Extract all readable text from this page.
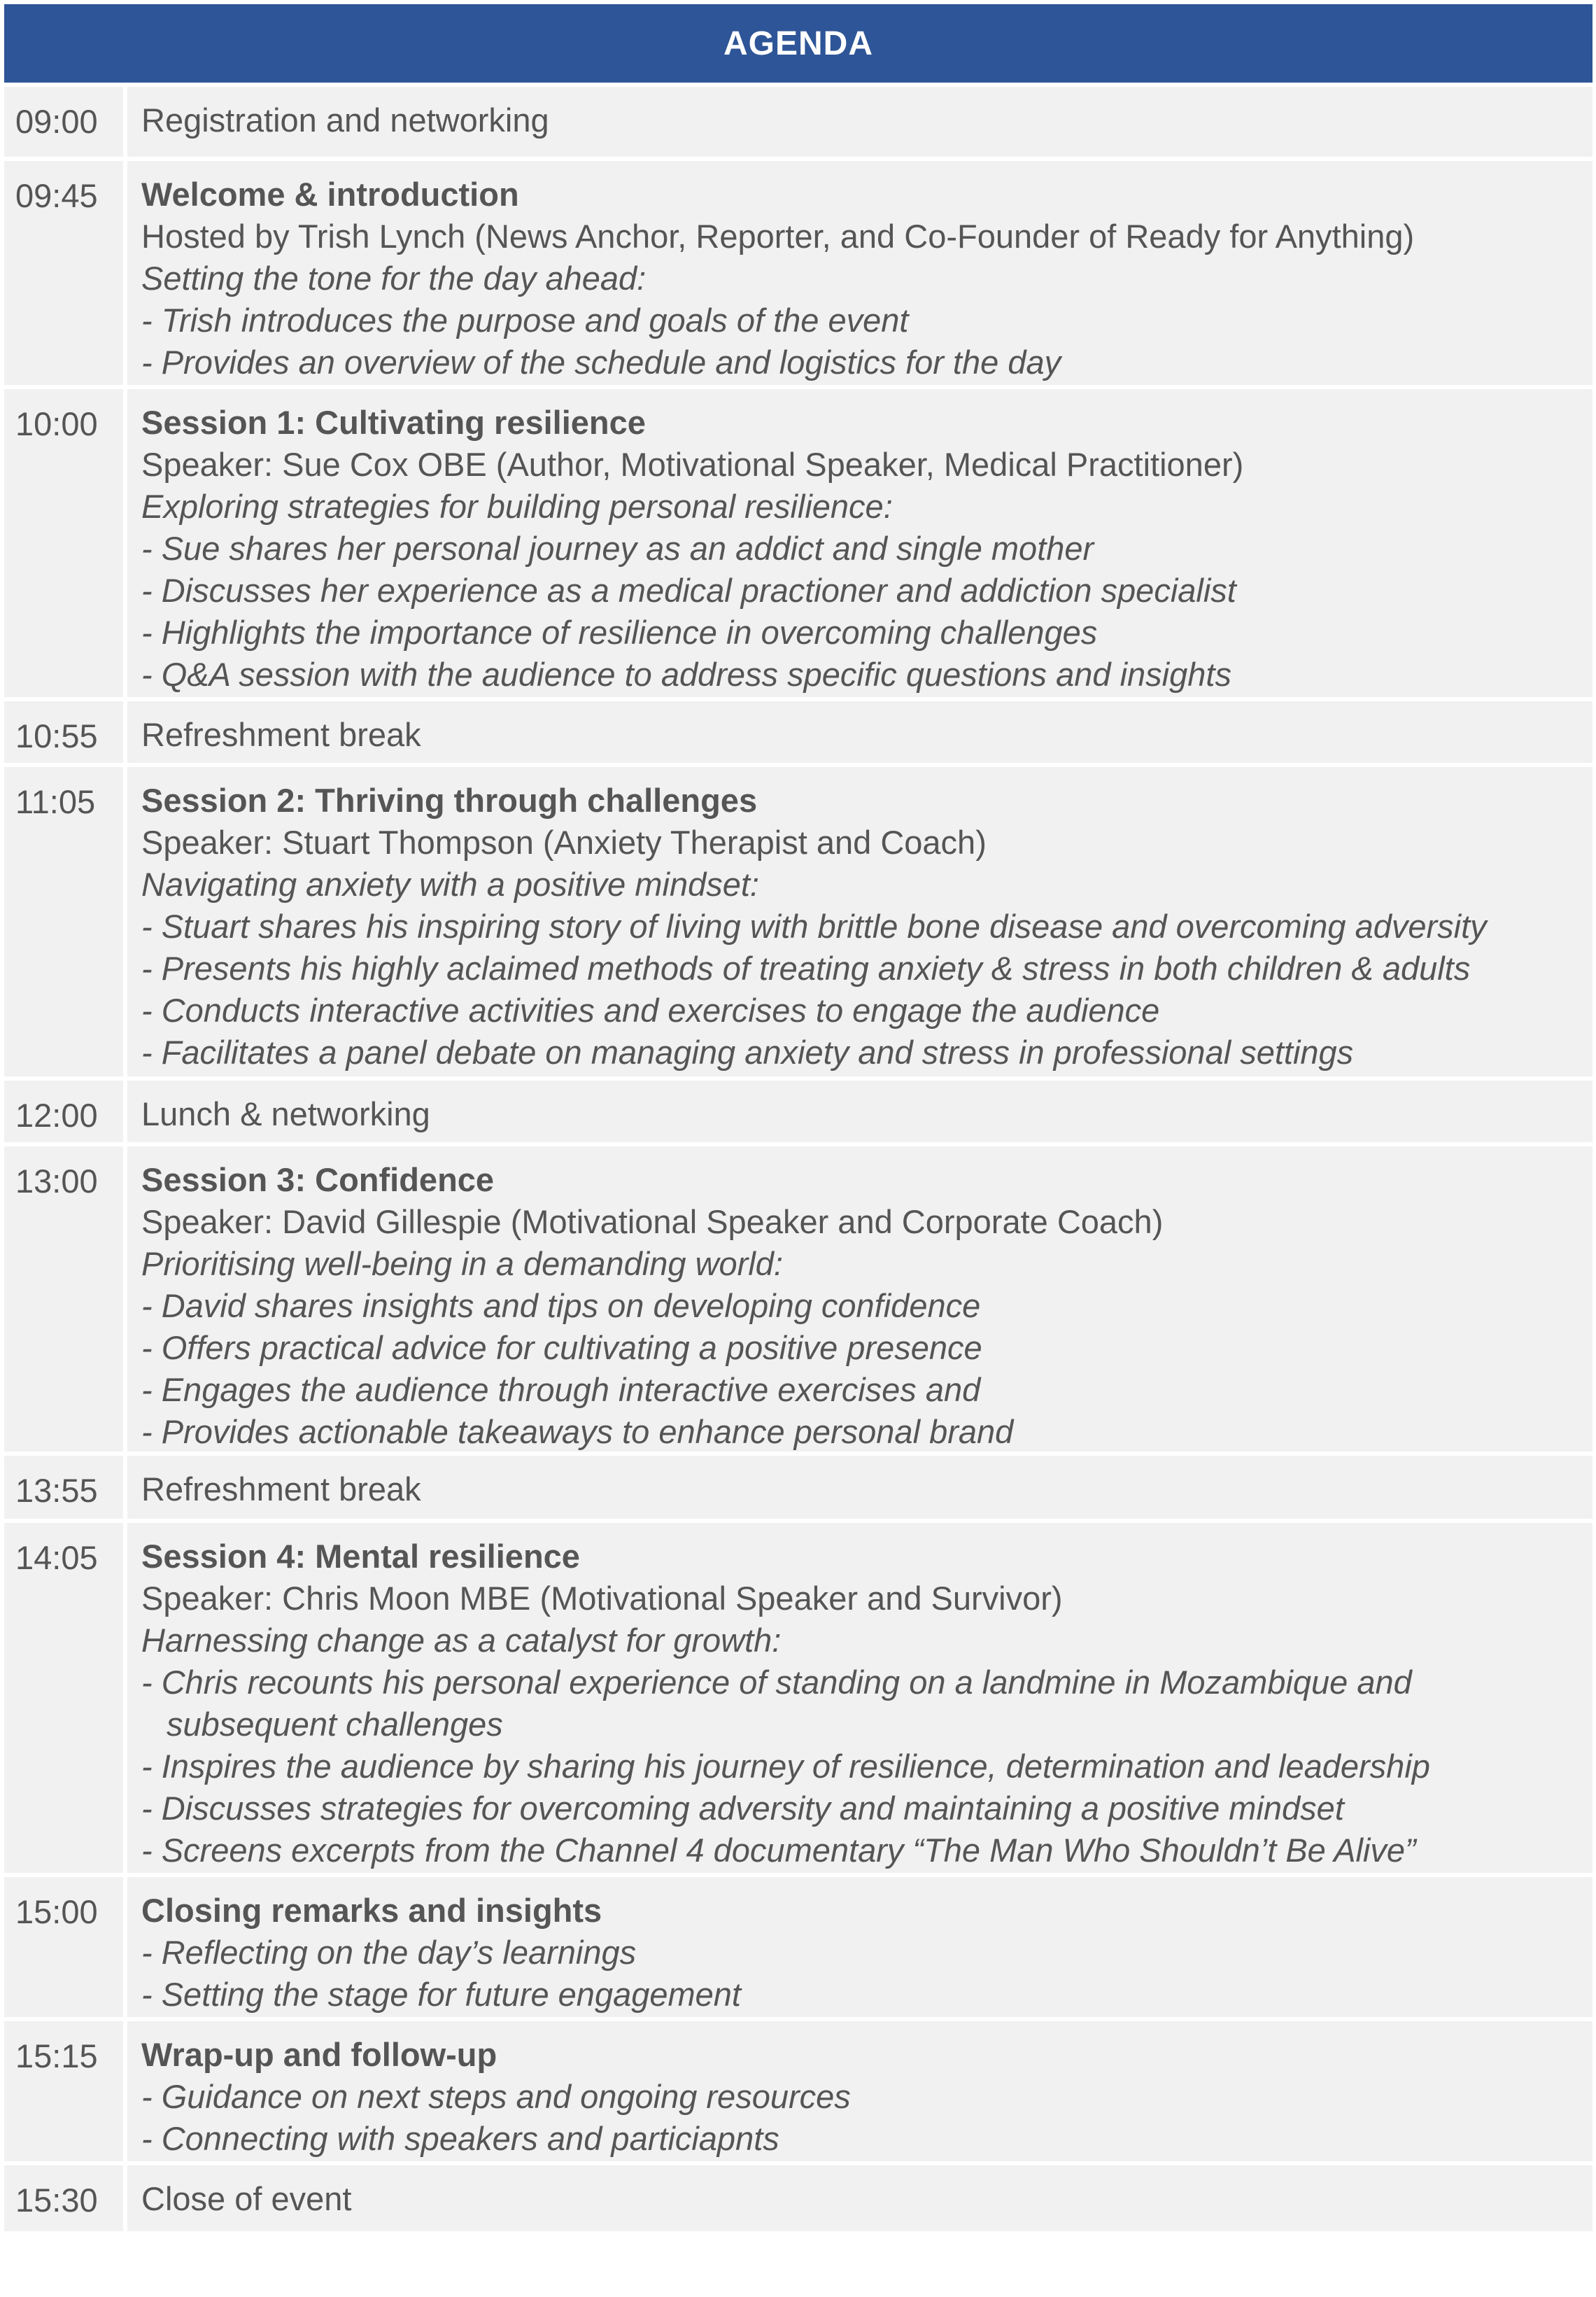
AGENDA
09:00	Registration and networking
09:45	Welcome & introduction
Hosted by Trish Lynch (News Anchor, Reporter, and Co-Founder of Ready for Anything)
Setting the tone for the day ahead:
- Trish introduces the purpose and goals of the event
- Provides an overview of the schedule and logistics for the day
10:00	Session 1: Cultivating resilience
Speaker: Sue Cox OBE (Author, Motivational Speaker, Medical Practitioner)
Exploring strategies for building personal resilience:
- Sue shares her personal journey as an addict and single mother
- Discusses her experience as a medical practioner and addiction specialist
- Highlights the importance of resilience in overcoming challenges
- Q&A session with the audience to address specific questions and insights
10:55	Refreshment break
11:05	Session 2: Thriving through challenges
Speaker: Stuart Thompson (Anxiety Therapist and Coach)
Navigating anxiety with a positive mindset:
- Stuart shares his inspiring story of living with brittle bone disease and overcoming adversity
- Presents his highly aclaimed methods of treating anxiety & stress in both children & adults
- Conducts interactive activities and exercises to engage the audience
- Facilitates a panel debate on managing anxiety and stress in professional settings
12:00	Lunch & networking
13:00	Session 3: Confidence
Speaker: David Gillespie (Motivational Speaker and Corporate Coach)
Prioritising well-being in a demanding world:
- David shares insights and tips on developing confidence
- Offers practical advice for cultivating a positive presence
- Engages the audience through interactive exercises and
- Provides actionable takeaways to enhance personal brand
13:55	Refreshment break
14:05	Session 4: Mental resilience
Speaker: Chris Moon MBE (Motivational Speaker and Survivor)
Harnessing change as a catalyst for growth:
- Chris recounts his personal experience of standing on a landmine in Mozambique and
subsequent challenges
- Inspires the audience by sharing his journey of resilience, determination and leadership
- Discusses strategies for overcoming adversity and maintaining a positive mindset
- Screens excerpts from the Channel 4 documentary “The Man Who Shouldn’t Be Alive”
15:00	Closing remarks and insights
- Reflecting on the day’s learnings
- Setting the stage for future engagement
15:15	Wrap-up and follow-up
- Guidance on next steps and ongoing resources
- Connecting with speakers and particiapnts
15:30	Close of event
